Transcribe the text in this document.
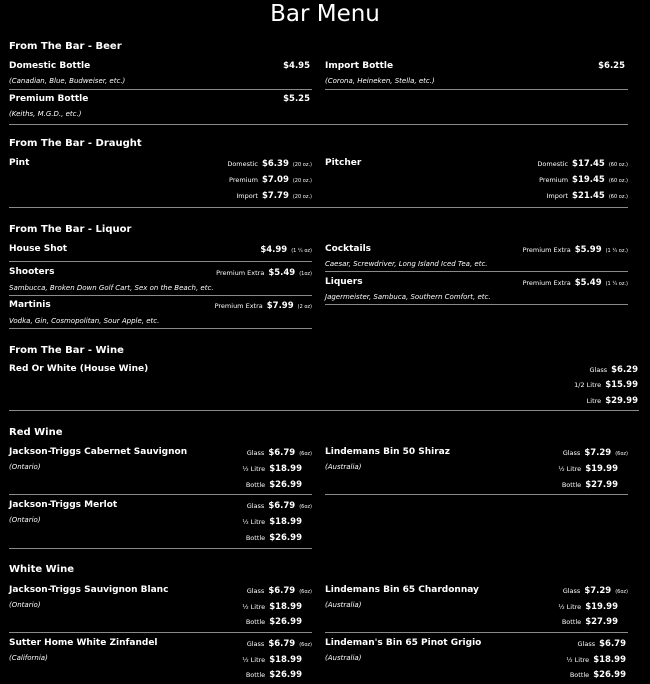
Bar Menu
From The Bar - Beer
Domestic Bottle	$4.95
(Canadian, Blue, Budweiser, etc.)
Premium Bottle	$5.25
(Keiths, M.G.D., etc.)
Import Bottle	$6.25
(Corona, Heineken, Stella, etc.)
From The Bar - Draught
Pint	Domestic $6.39 (20 oz.)
Premium $7.09 (20 oz.)
Import $7.79 (20 oz.)
Pitcher	Domestic $17.45 (60 oz.)
Premium $19.45 (60 oz.)
Import $21.45 (60 oz.)
From The Bar - Liquor
House Shot	$4.99 (1 ¼ oz)
Shooters	Premium Extra $5.49 (1oz)
Sambucca, Broken Down Golf Cart, Sex on the Beach, etc.
Martinis	Premium Extra $7.99 (2 oz)
Vodka, Gin, Cosmopolitan, Sour Apple, etc.
Cocktails	Premium Extra $5.99 (1 ¼ oz.)
Caesar, Screwdriver, Long Island Iced Tea, etc.
Liquers	Premium Extra $5.49 (1 ¼ oz.)
Jagermeister, Sambuca, Southern Comfort, etc.
From The Bar - Wine
Red Or White (House Wine)	Glass $6.29
1/2 Litre $15.99
Litre $29.99
Red Wine
Jackson-Triggs Cabernet Sauvignon
(Ontario)
Glass $6.79 (6oz)
½ Litre $18.99
Bottle $26.99
Lindemans Bin 50 Shiraz
(Australia)
Glass $7.29 (6oz)
½ Litre $19.99
Bottle $27.99
Jackson-Triggs Merlot
(Ontario)
Glass $6.79 (6oz)
½ Litre $18.99
Bottle $26.99
White Wine
Jackson-Triggs Sauvignon Blanc
(Ontario)
Glass $6.79 (6oz)
½ Litre $18.99
Bottle $26.99
Lindemans Bin 65 Chardonnay
(Australia)
Glass $7.29 (6oz)
½ Litre $19.99
Bottle $27.99
Sutter Home White Zinfandel
(California)
Glass $6.79 (6oz)
½ Litre $18.99
Bottle $26.99
Lindeman's Bin 65 Pinot Grigio
(Australia)
Glass $6.79
½ Litre $18.99
Bottle $26.99
